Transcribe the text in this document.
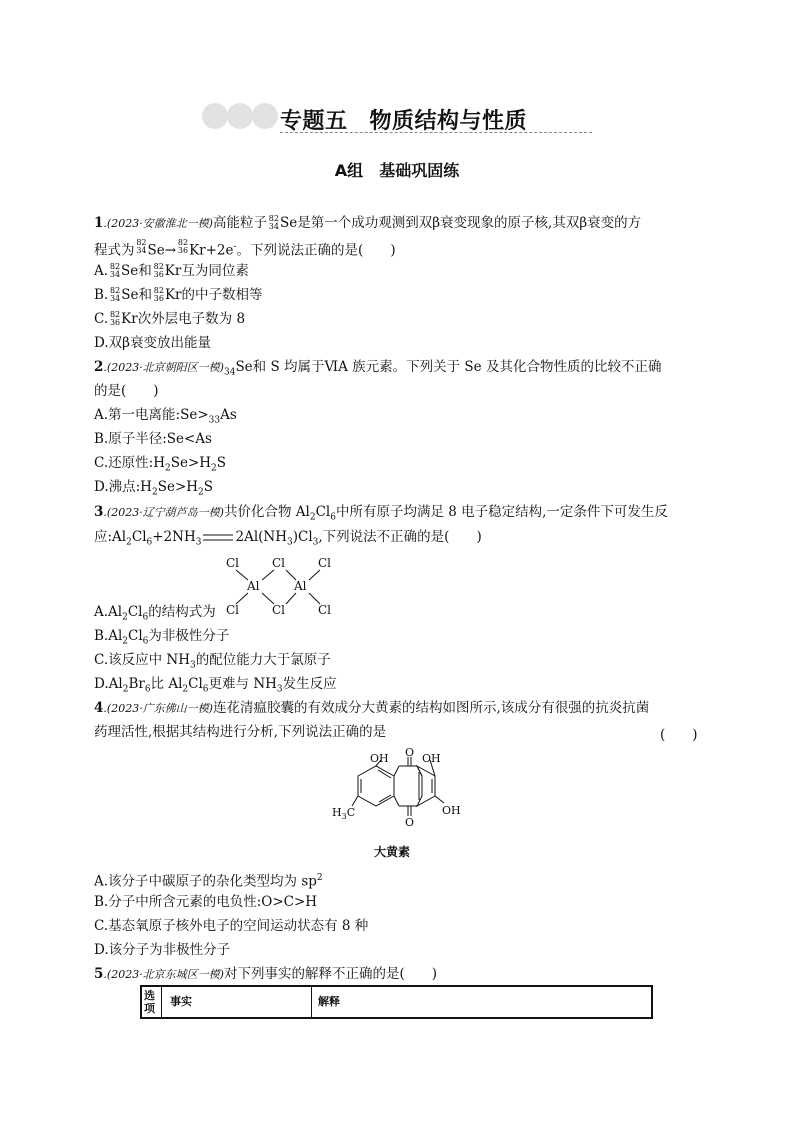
专题五 物质结构与性质
A组 基础巩固练
1.(2023·安徽淮北一模)高能粒子 82
34 Se是第一个成功观测到双β衰变现象的原子核,其双β衰变的方
程式为 82
34 Se→ 82
36 Kr+2e-。下列说法正确的是(　　)
A. 82
34 Se和 82
36 Kr互为同位素
B. 82
34 Se和 82
36 Kr的中子数相等
C. 82
36 Kr次外层电子数为 8
D.双β衰变放出能量
2.(2023·北京朝阳区一模)$_{34}Se$和 S 均属于ⅥA 族元素。下列关于 Se 及其化合物性质的比较不正确
的是(　　)
A.第一电离能$:Se>_{33}As$
B.原子半径:Se<As
C.还原性$:H_2Se>H_2S$
D.沸点$:H_2Se>H_2S$
3.(2023·辽宁葫芦岛一模)共价化合物 $Al_2Cl_6$中所有原子均满足 8 电子稳定结构,一定条件下可发生反
应$:Al_2Cl_6+2NH_3$	$2Al(NH_3)Cl_3$,下列说法不正确的是(　　)
Cl	Cl	Cl
Al	Al
Cl	Cl	Cl
$A.Al_2Cl_6$的结构式为
$B.Al_2Cl_6$为非极性分子
C.该反应中 $NH_3$的配位能力大于氯原子
$D.Al_2Br_6$比 $Al_2Cl_6$更难与 $NH_3$发生反应
4.(2023·广东佛山一模)连花清瘟胶囊的有效成分大黄素的结构如图所示,该成分有很强的抗炎抗菌
药理活性,根据其结构进行分析,下列说法正确的是	(　　)
OH O OH
O
OH
$H_3C$
大黄素
A.该分子中碳原子的杂化类型均为 $sp^2$
B.分子中所含元素的电负性:O>C>H
C.基态氧原子核外电子的空间运动状态有 8 种
D.该分子为非极性分子
5.(2023·北京东城区一模)对下列事实的解释不正确的是(　　)
选项
事实	解释
